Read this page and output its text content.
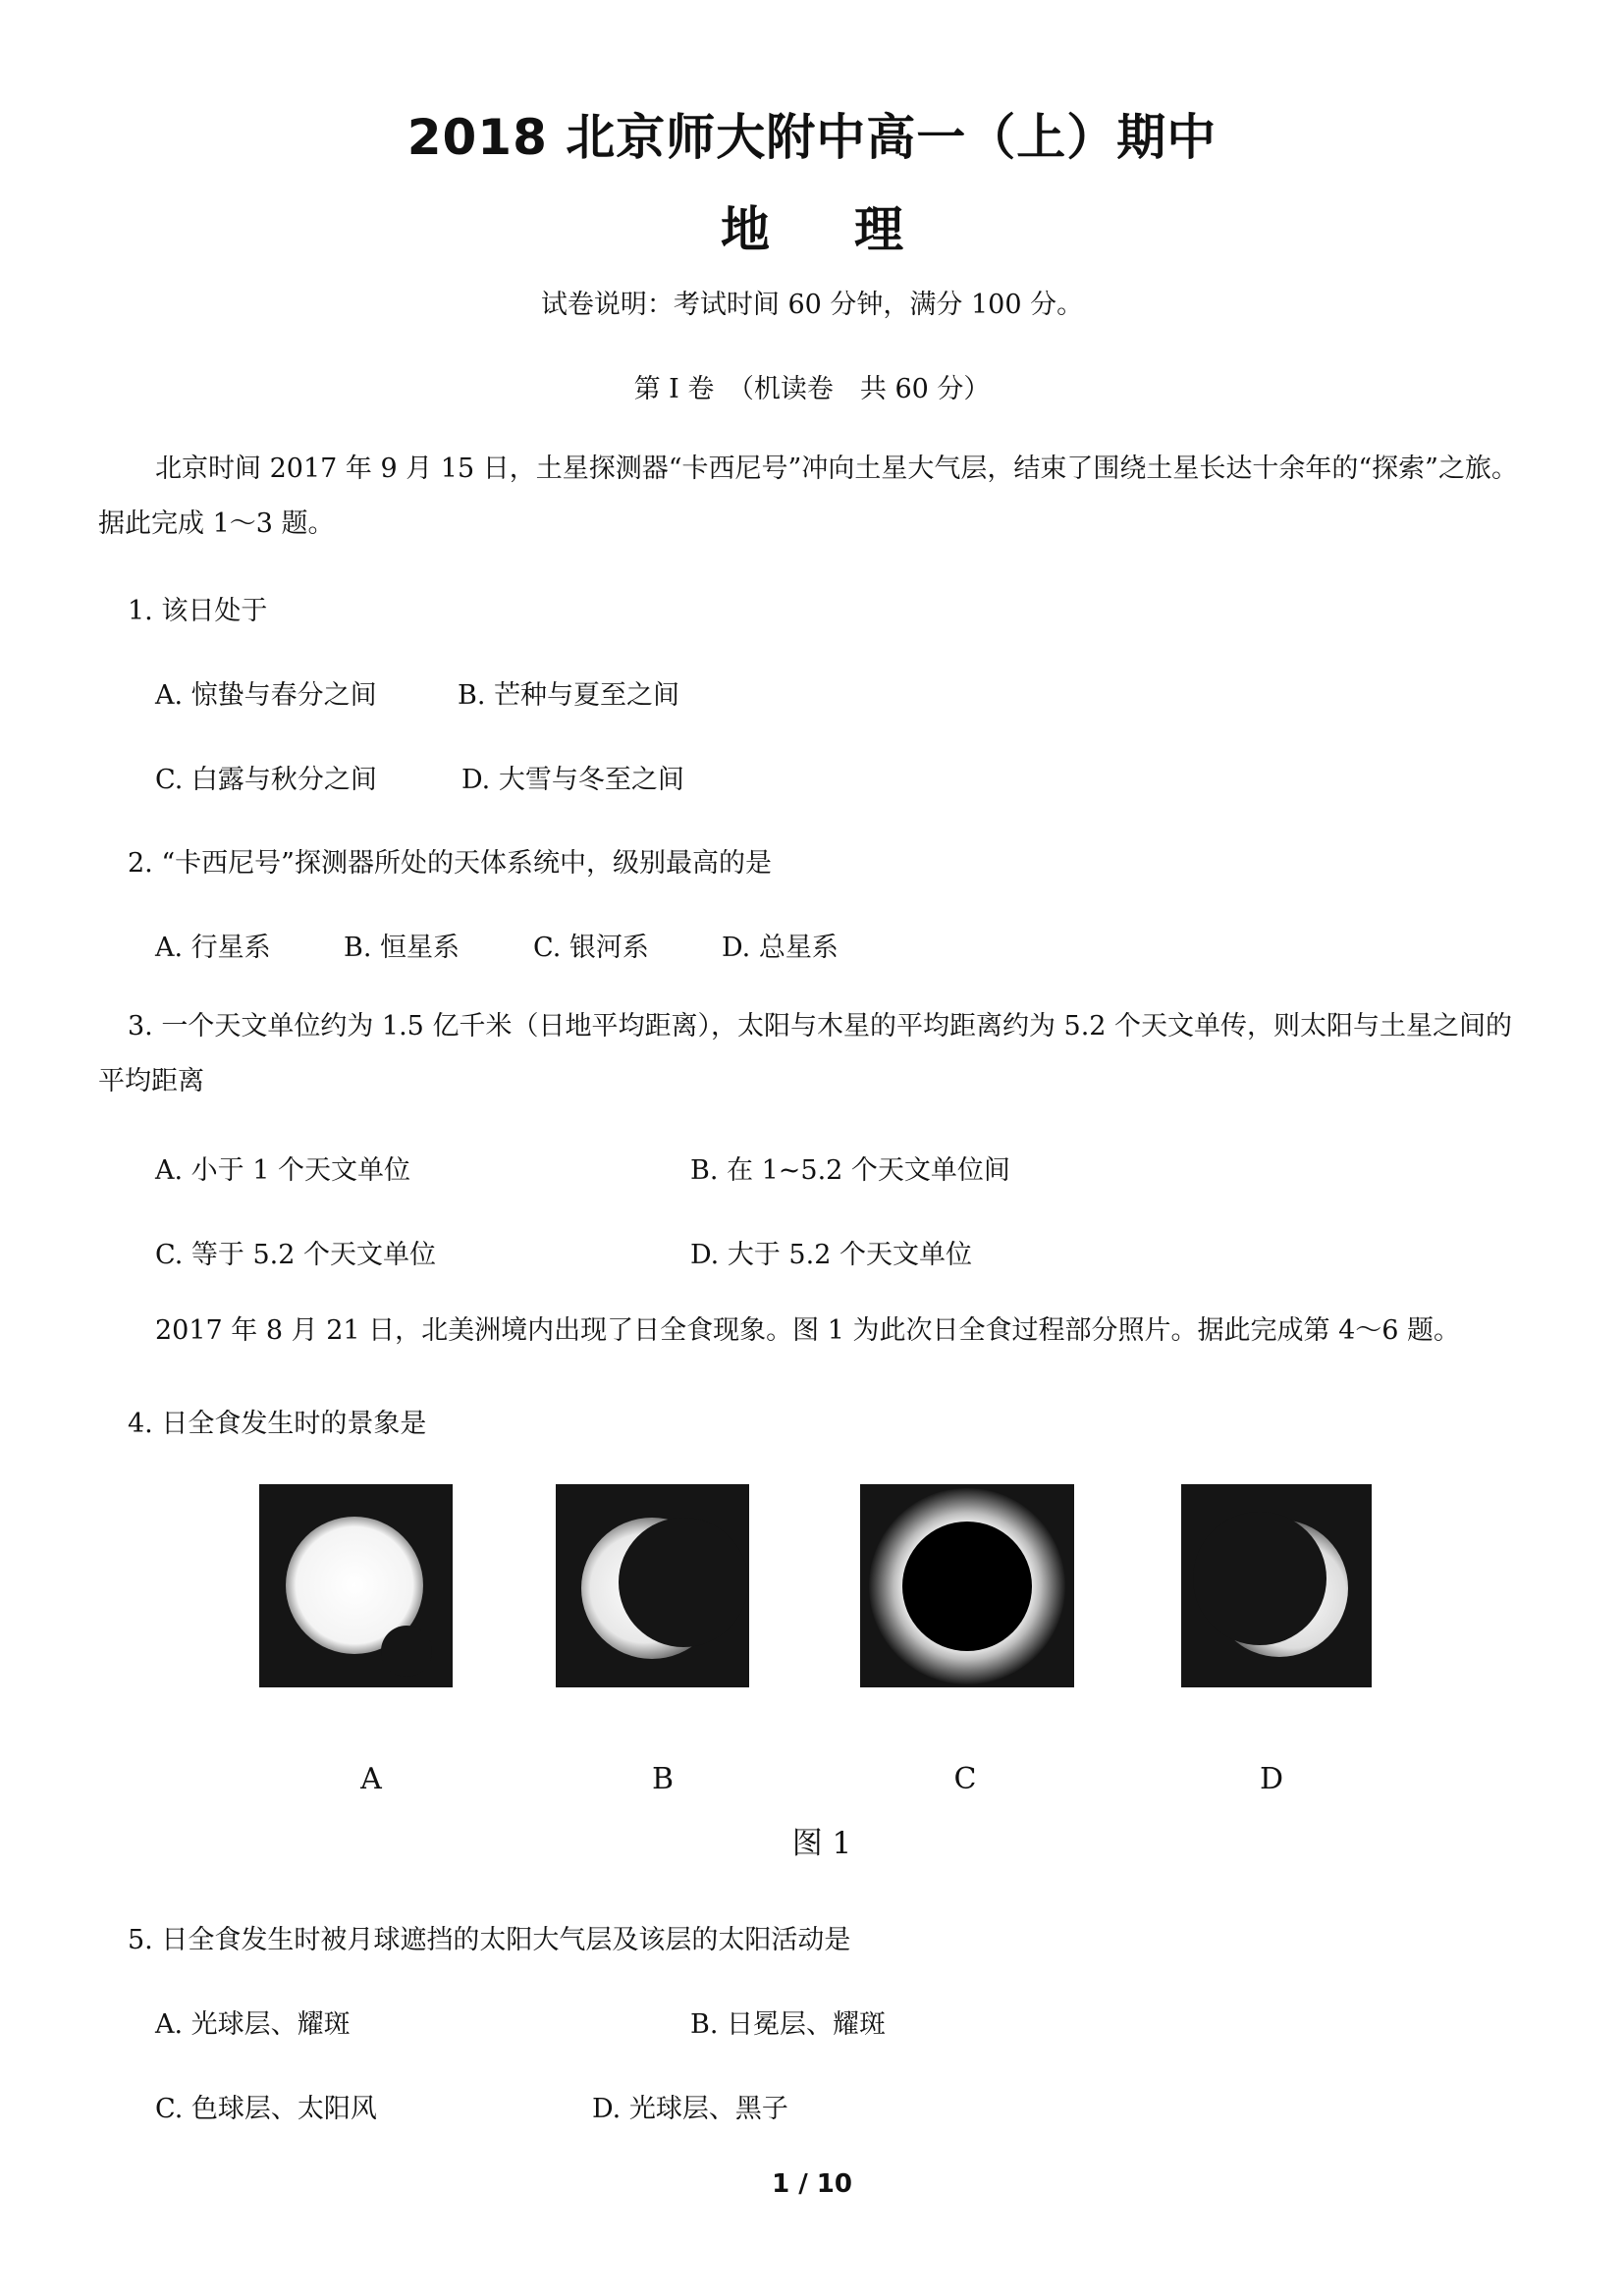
2018 北京师大附中高一（上）期中
地理
试卷说明：考试时间 60 分钟，满分 100 分。
第 I 卷　（机读卷　共 60 分）

北京时间 2017 年 9 月 15 日，土星探测器“卡西尼号”冲向土星大气层，结束了围绕土星长达十余年的“探索”之旅。据此完成 1～3 题。

1. 该日处于

A. 惊蛰与春分之间	B. 芒种与夏至之间

C. 白露与秋分之间	D. 大雪与冬至之间

2. “卡西尼号”探测器所处的天体系统中，级别最高的是

A. 行星系	B. 恒星系	C. 银河系	D. 总星系

3. 一个天文单位约为 1.5 亿千米（日地平均距离），太阳与木星的平均距离约为 5.2 个天文单传，则太阳与土星之间的平均距离

A. 小于 1 个天文单位	B. 在 1~5.2 个天文单位间

C. 等于 5.2 个天文单位	D. 大于 5.2 个天文单位

2017 年 8 月 21 日，北美洲境内出现了日全食现象。图 1 为此次日全食过程部分照片。据此完成第 4～6 题。

4. 日全食发生时的景象是

A	B	C	D
图 1

5. 日全食发生时被月球遮挡的太阳大气层及该层的太阳活动是

A. 光球层、耀斑	B. 日冕层、耀斑

C. 色球层、太阳风	D. 光球层、黑子

1 / 10
